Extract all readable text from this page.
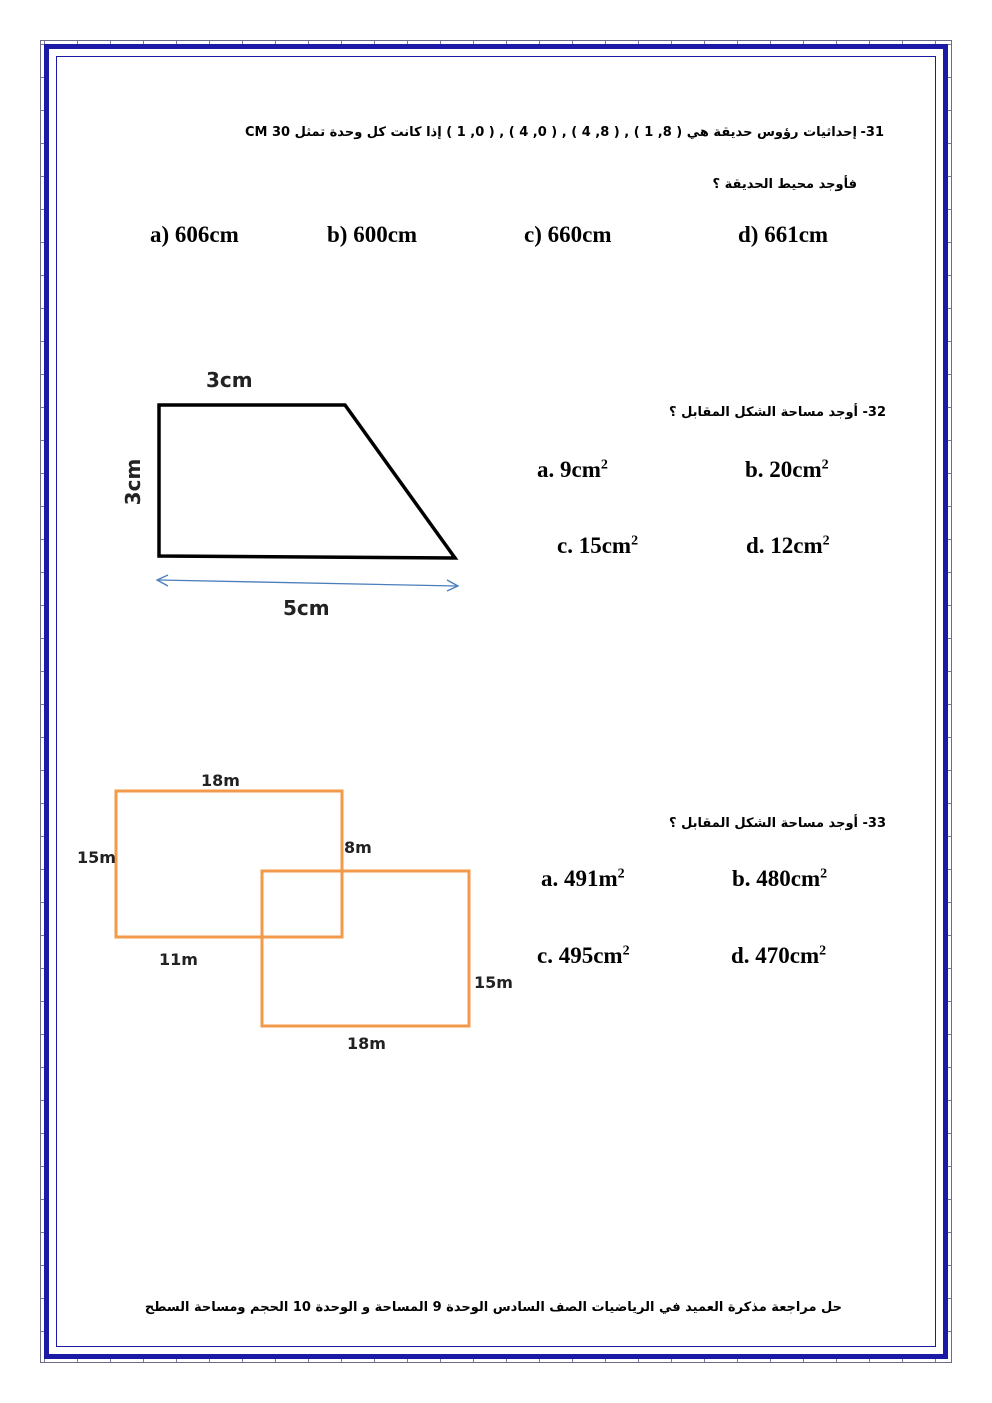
31-
إحداثيات رؤوس حديقة هي ( 8, 1 ) , ( 8, 4 ) , ( 0, 4 ) , ( 0, 1 ) إذا كانت كل وحدة تمثل 30 CM
فأوجد محيط الحديقة ؟
a) 606cm	b) 600cm	c) 660cm	d) 661cm
32- أوجد مساحة الشكل المقابل ؟
3cm
3cm
5cm
a. $9cm^2$	b. $20cm^2$
c. $15cm^2$	d. $12cm^2$
33- أوجد مساحة الشكل المقابل ؟
18m
15m
8m
11m
15m
18m
a. $491m^2$	b. $480cm^2$
c. $495cm^2$	d. $470cm^2$
حل مراجعة مذكرة العميد في الرياضيات الصف السادس الوحدة 9 المساحة و الوحدة 10 الحجم ومساحة السطح
